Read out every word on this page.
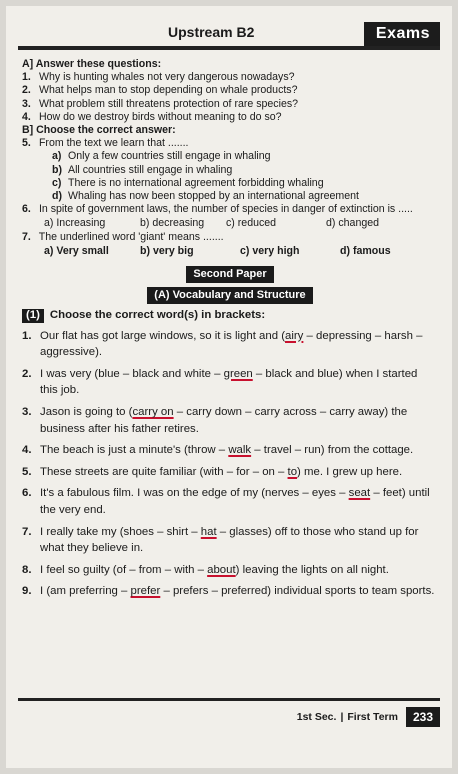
Upstream B2	Exams
A] Answer these questions:
1. Why is hunting whales not very dangerous nowadays?
2. What helps man to stop depending on whale products?
3. What problem still threatens protection of rare species?
4. How do we destroy birds without meaning to do so?
B] Choose the correct answer:
5. From the text we learn that .......
a) Only a few countries still engage in whaling
b) All countries still engage in whaling
c) There is no international agreement forbidding whaling
d) Whaling has now been stopped by an international agreement
6. In spite of government laws, the number of species in danger of extinction is .....
a) Increasing	b) decreasing	c) reduced	d) changed
7. The underlined word 'giant' means .......
a) Very small	b) very big	c) very high	d) famous
Second Paper
(A) Vocabulary and Structure
(1) Choose the correct word(s) in brackets:
1. Our flat has got large windows, so it is light and (airy – depressing – harsh – aggressive).
2. I was very (blue – black and white – green – black and blue) when I started this job.
3. Jason is going to (carry on – carry down – carry across – carry away) the business after his father retires.
4. The beach is just a minute's (throw – walk – travel – run) from the cottage.
5. These streets are quite familiar (with – for – on – to) me. I grew up here.
6. It's a fabulous film. I was on the edge of my (nerves – eyes – seat – feet) until the very end.
7. I really take my (shoes – shirt – hat – glasses) off to those who stand up for what they believe in.
8. I feel so guilty (of – from – with – about) leaving the lights on all night.
9. I (am preferring – prefer – prefers – preferred) individual sports to team sports.
1st Sec. | First Term	233
